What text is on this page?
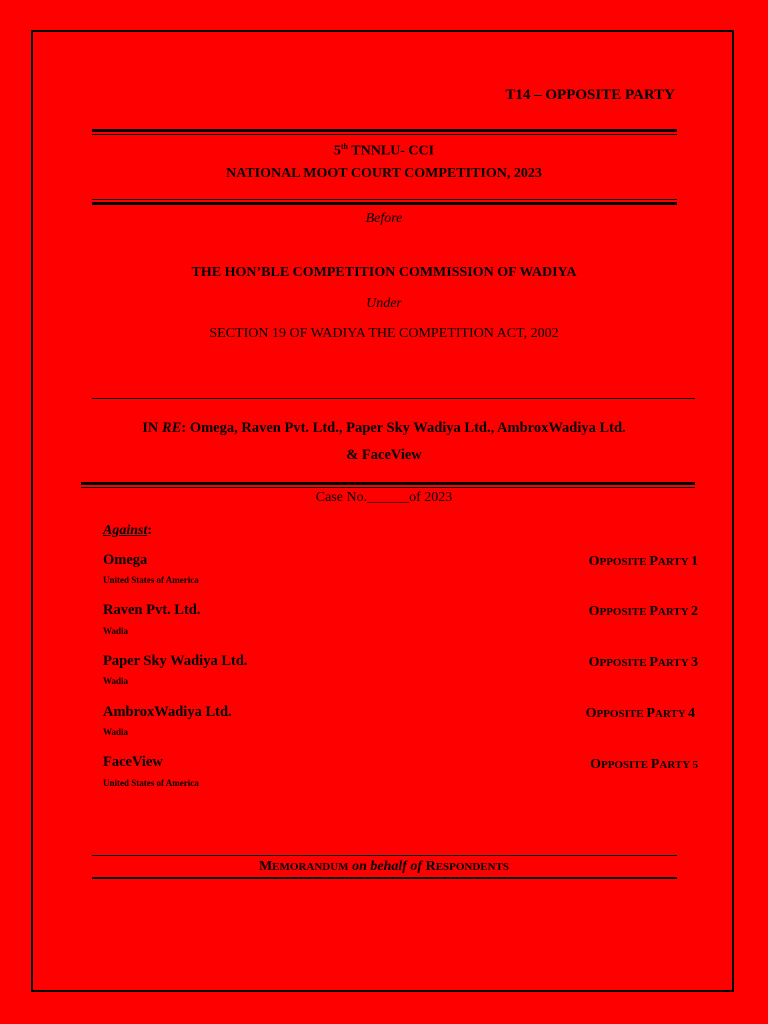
T14 – OPPOSITE PARTY
5th TNNLU- CCI
NATIONAL MOOT COURT COMPETITION, 2023
Before
THE HON’BLE COMPETITION COMMISSION OF WADIYA
Under
SECTION 19 OF WADIYA THE COMPETITION ACT, 2002
IN RE: Omega, Raven Pvt. Ltd., Paper Sky Wadiya Ltd., AmbroxWadiya Ltd.
& FaceView
Case No.______of 2023
Against:
Omega
United States of America
OPPOSITE PARTY 1
Raven Pvt. Ltd.
Wadia
OPPOSITE PARTY 2
Paper Sky Wadiya Ltd.
Wadia
OPPOSITE PARTY 3
AmbroxWadiya Ltd.
Wadia
OPPOSITE PARTY 4
FaceView
United States of America
OPPOSITE PARTY 5
MEMORANDUM on behalf of RESPONDENTS
